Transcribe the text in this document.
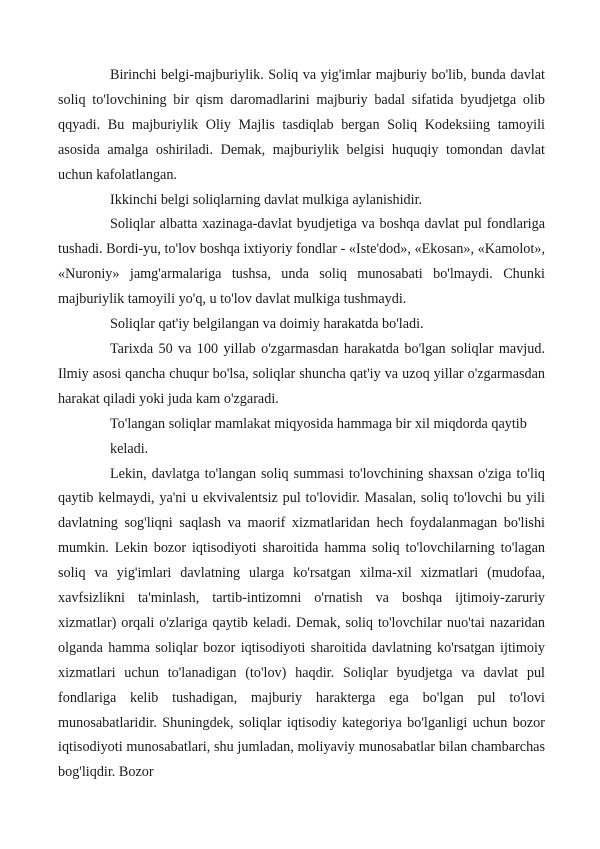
Birinchi belgi-majburiylik. Soliq va yig'imlar majburiy bo'lib, bunda davlat soliq to'lovchining bir qism daromadlarini majburiy badal sifatida byudjetga olib qqyadi. Bu majburiylik Oliy Majlis tasdiqlab bergan Soliq Kodeksiing tamoyili asosida amalga oshiriladi. Demak, majburiylik belgisi huquqiy tomondan davlat uchun kafolatlangan.

Ikkinchi belgi soliqlarning davlat mulkiga aylanishidir.

Soliqlar albatta xazinaga-davlat byudjetiga va boshqa davlat pul fondlariga tushadi. Bordi-yu, to'lov boshqa ixtiyoriy fondlar - «Iste'dod», «Ekosan», «Kamolot», «Nuroniy» jamg'armalariga tushsa, unda soliq munosabati bo'lmaydi. Chunki majburiylik tamoyili yo'q, u to'lov davlat mulkiga tushmaydi.

Soliqlar qat'iy belgilangan va doimiy harakatda bo'ladi.

Tarixda 50 va 100 yillab o'zgarmasdan harakatda bo'lgan soliqlar mavjud. Ilmiy asosi qancha chuqur bo'lsa, soliqlar shuncha qat'iy va uzoq yillar o'zgarmasdan harakat qiladi yoki juda kam o'zgaradi.

To'langan soliqlar mamlakat miqyosida hammaga bir xil miqdorda qaytib keladi.

Lekin, davlatga to'langan soliq summasi to'lovchining shaxsan o'ziga to'liq qaytib kelmaydi, ya'ni u ekvivalentsiz pul to'lovidir. Masalan, soliq to'lovchi bu yili davlatning sog'liqni saqlash va maorif xizmatlaridan hech foydalanmagan bo'lishi mumkin. Lekin bozor iqtisodiyoti sharoitida hamma soliq to'lovchilarning to'lagan soliq va yig'imlari davlatning ularga ko'rsatgan xilma-xil xizmatlari (mudofaa, xavfsizlikni ta'minlash, tartib-intizomni o'rnatish va boshqa ijtimoiy-zaruriy xizmatlar) orqali o'zlariga qaytib keladi. Demak, soliq to'lovchilar nuo'tai nazaridan olganda hamma soliqlar bozor iqtisodiyoti sharoitida davlatning ko'rsatgan ijtimoiy xizmatlari uchun to'lanadigan (to'lov) haqdir. Soliqlar byudjetga va davlat pul fondlariga kelib tushadigan, majburiy harakterga ega bo'lgan pul to'lovi munosabatlaridir. Shuningdek, soliqlar iqtisodiy kategoriya bo'lganligi uchun bozor iqtisodiyoti munosabatlari, shu jumladan, moliyaviy munosabatlar bilan chambarchas bog'liqdir. Bozor
